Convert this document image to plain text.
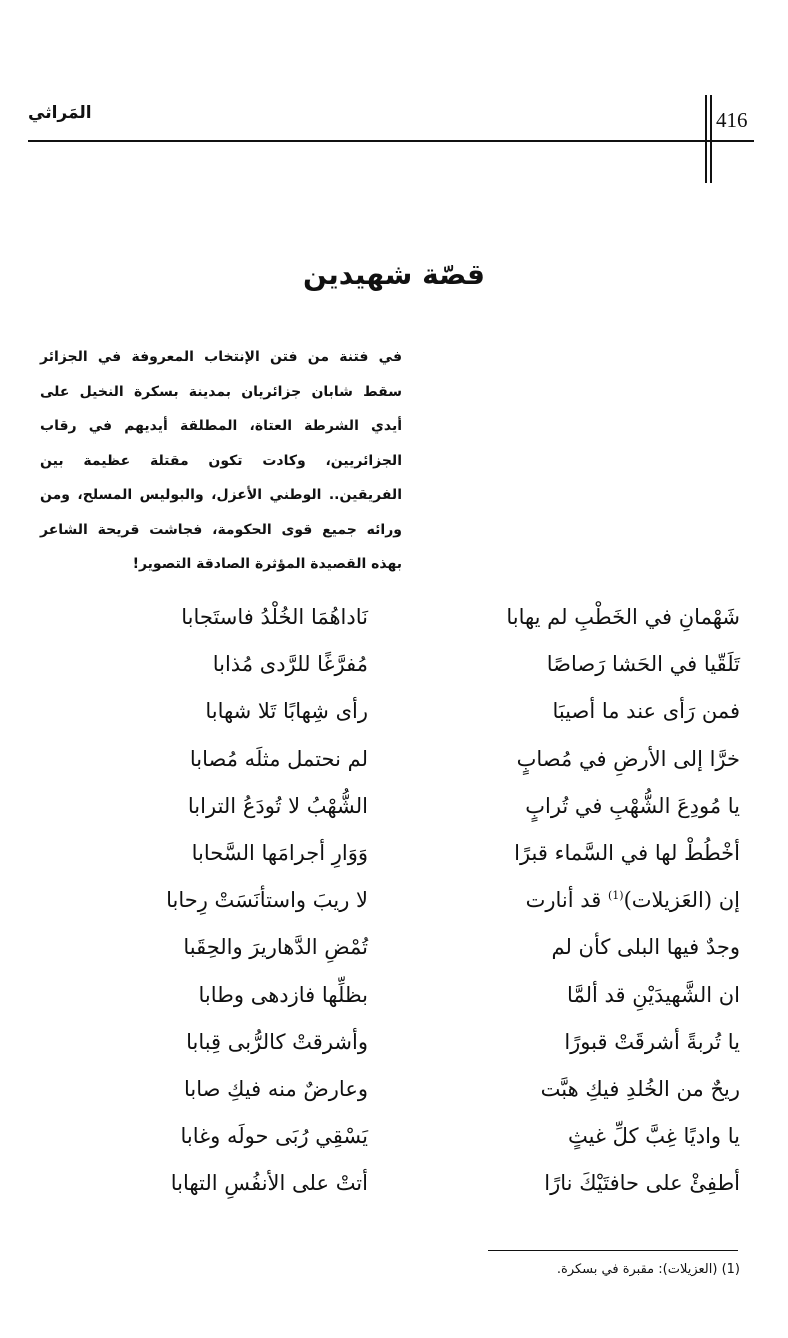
المَراثي	416
قصّة شهيدين

في فتنة من فتن الإنتخاب المعروفة في الجزائر سقط شابان جزائريان بمدينة بسكرة النخيل على أيدي الشرطة العتاة، المطلقة أيديهم في رقاب الجزائريين، وكادت تكون مقتلة عظيمة بين الفريقين.. الوطني الأعزل، والبوليس المسلح، ومن ورائه جميع قوى الحكومة، فجاشت قريحة الشاعر بهذه القصيدة المؤثرة الصادقة التصوير!

شَهْمانِ في الخَطْبِ لم يهابا
نَاداهُمَا الخُلْدُ فاستَجابا
تَلَقّيا في الحَشا رَصاصًا
مُفرَّغًا للرَّدى مُذابا
فمن رَأى عند ما أصيبَا
رأى شِهابًا تَلا شهابا
خرَّا إلى الأرضِ في مُصابٍ
لم نحتمل مثلَه مُصابا
يا مُودِعَ الشُّهْبِ في تُرابٍ
الشُّهْبُ لا تُودَعُ الترابا
أخْطُطْ لها في السَّماء قبرًا
وَوَارِ أجرامَها السَّحابا
إن (العَزيلات)$^{(1)}$ قد أنارت
لا ريبَ واستأنَسَتْ رِحابا
وجدٌ فيها البلى كأن لم
تُمْضِ الدَّهاريرَ والحِقَبا
ان الشَّهيدَيْنِ قد ألمَّا
بظلِّها فازدهى وطابا
يا تُربةً أشرقَتْ قبورًا
وأشرقتْ كالرُّبى قِبابا
ريحٌ من الخُلدِ فيكِ هبَّت
وعارضٌ منه فيكِ صابا
يا واديًا غِبَّ كلِّ غيثٍ
يَسْقِي رُبَى حولَه وغابا
أطفِئْ على حافتَيْكَ نارًا
أتتْ على الأنفُسِ التهابا
(1) (العزيلات): مقبرة في بسكرة.
